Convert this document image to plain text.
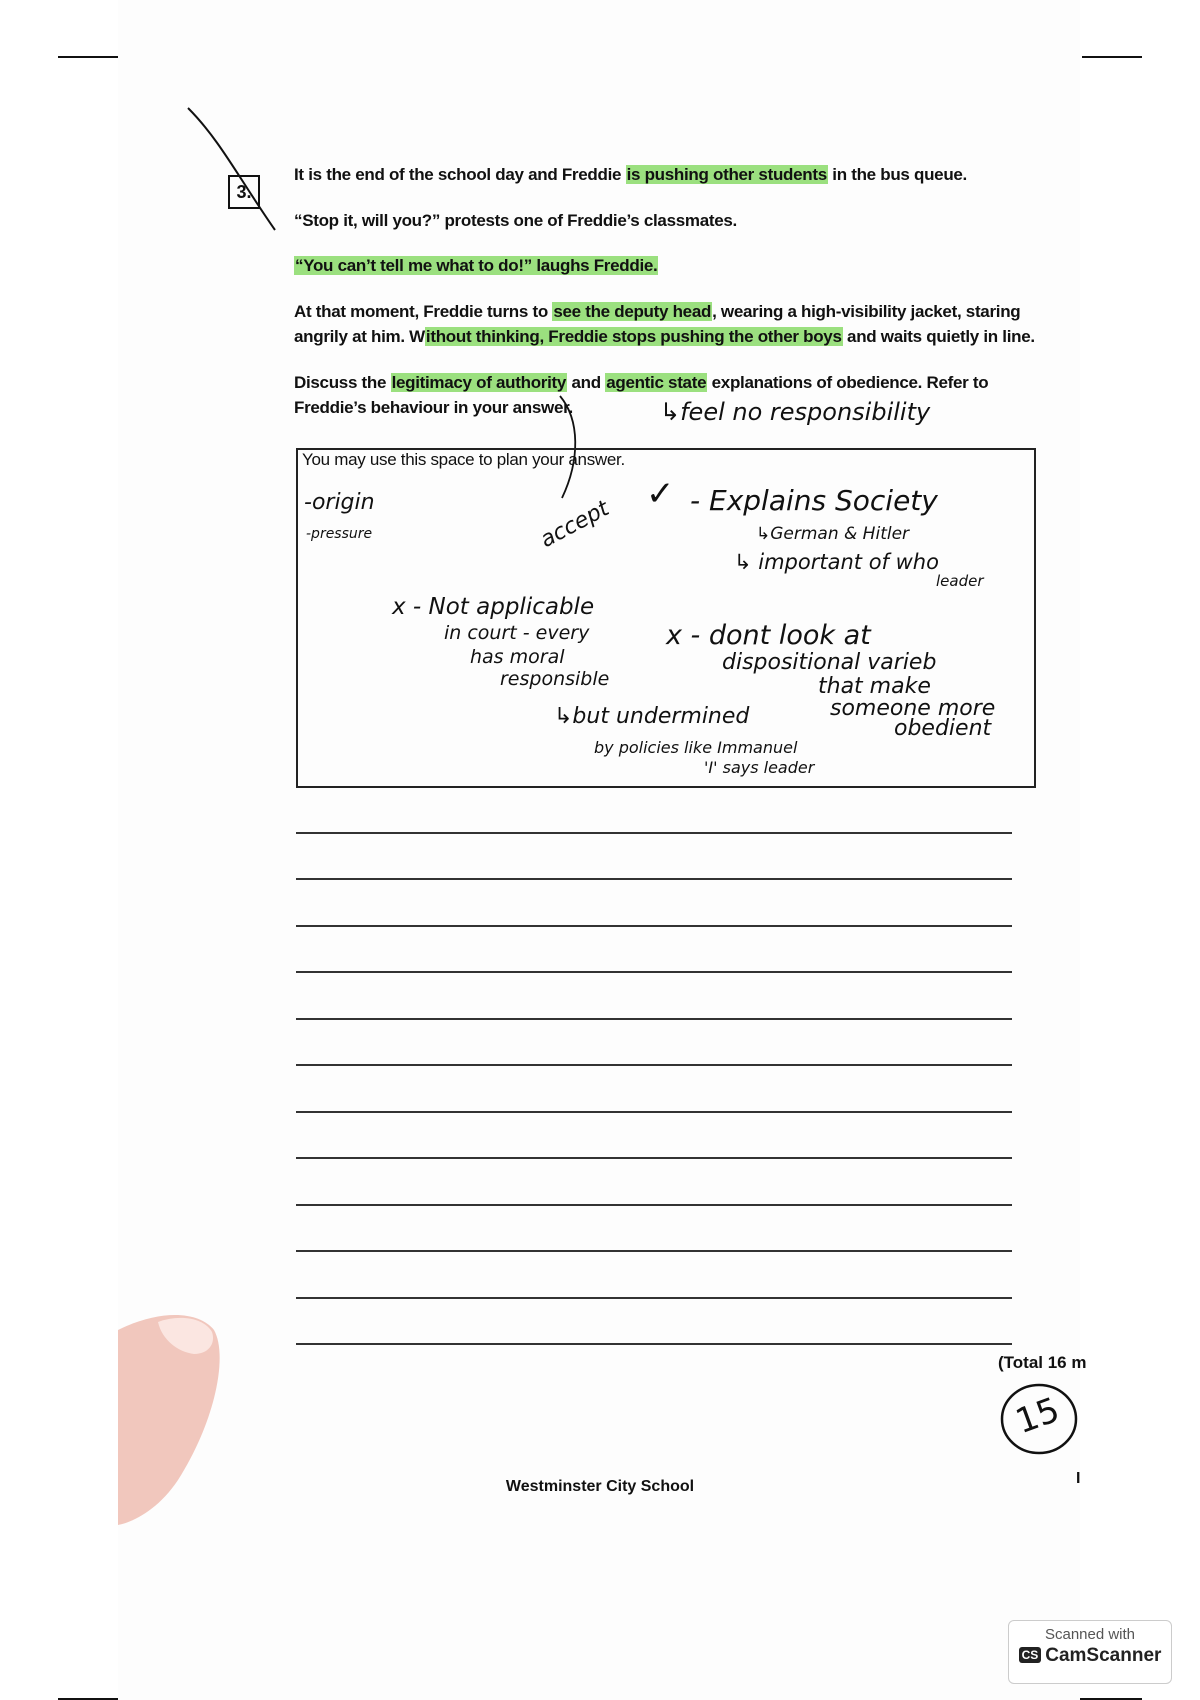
3.
It is the end of the school day and Freddie is pushing other students in the bus queue.
“Stop it, will you?” protests one of Freddie’s classmates.
“You can’t tell me what to do!” laughs Freddie.
At that moment, Freddie turns to see the deputy head, wearing a high-visibility jacket, staring
angrily at him. Without thinking, Freddie stops pushing the other boys and waits quietly in line.
Discuss the legitimacy of authority and agentic state explanations of obedience. Refer to
Freddie’s behaviour in your answer.	↳feel no responsibility
You may use this space to plan your answer.
-origin
-pressure	accept
✓ - Explains Society
↳German & Hitler
↳ important of who
leader
x - Not applicable
in court - every
has moral
responsible
x - dont look at
dispositional varieb
that make
someone more
obedient
↳but undermined
by policies like Immanuel
'I' says leader
(Total 16 m
15
Westminster City School	I
Scanned with
CS CamScanner
